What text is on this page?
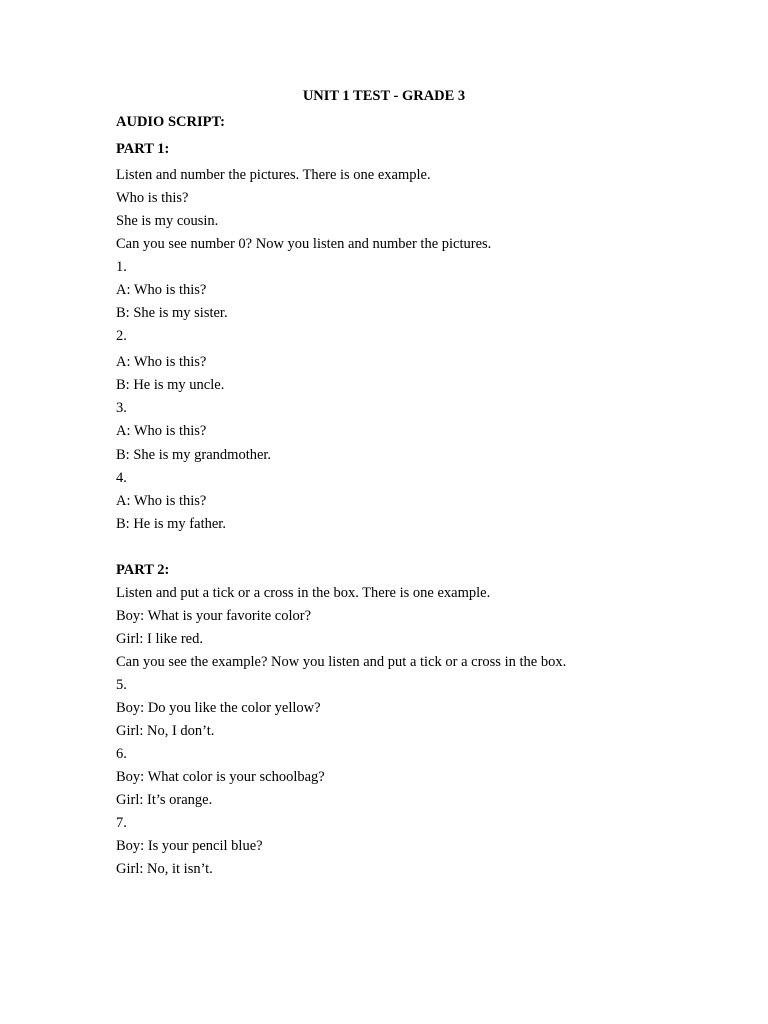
UNIT 1 TEST - GRADE 3
AUDIO SCRIPT:
PART 1:
Listen and number the pictures. There is one example.
Who is this?
She is my cousin.
Can you see number 0? Now you listen and number the pictures.
1.
A: Who is this?
B: She is my sister.
2.
A: Who is this?
B: He is my uncle.
3.
A: Who is this?
B: She is my grandmother.
4.
A: Who is this?
B: He is my father.
PART 2:
Listen and put a tick or a cross in the box. There is one example.
Boy: What is your favorite color?
Girl: I like red.
Can you see the example? Now you listen and put a tick or a cross in the box.
5.
Boy: Do you like the color yellow?
Girl: No, I don’t.
6.
Boy: What color is your schoolbag?
Girl: It’s orange.
7.
Boy: Is your pencil blue?
Girl: No, it isn’t.
